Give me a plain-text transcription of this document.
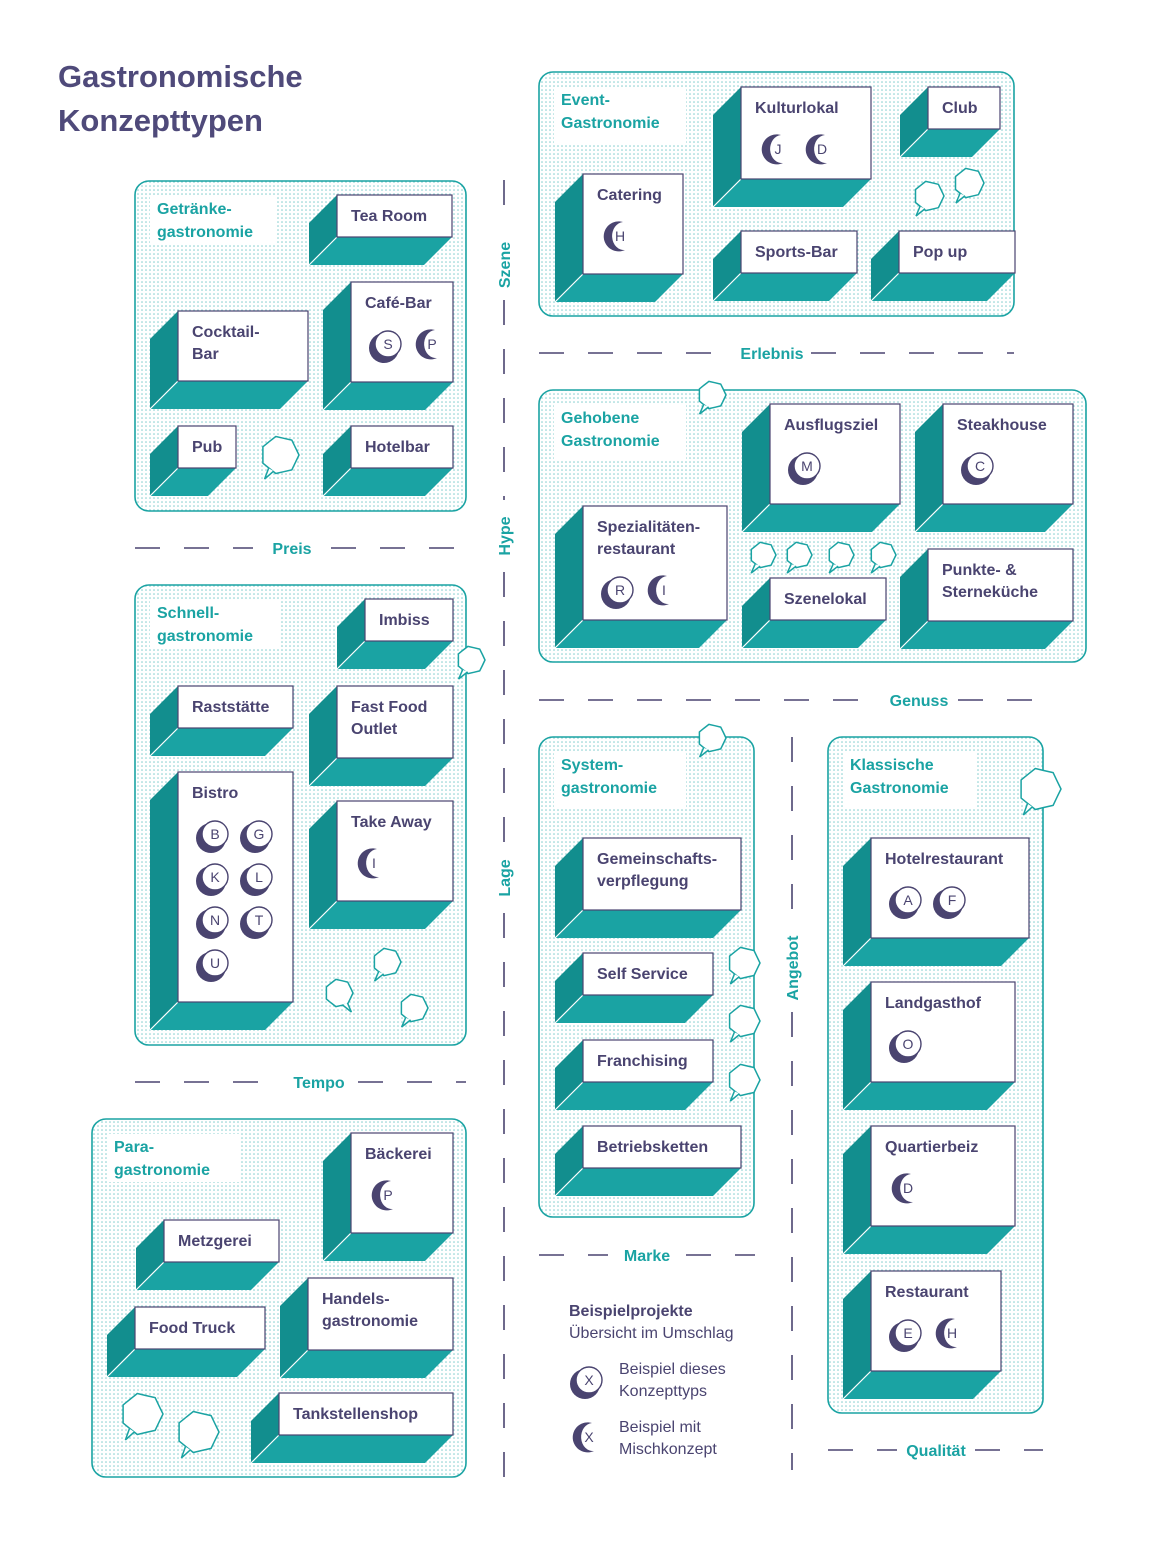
Gastronomische
Konzepttypen
Getränke-
gastronomie
Schnell-
gastronomie
Para-
gastronomie
Event-
Gastronomie
Gehobene
Gastronomie
System-
gastronomie
Klassische
Gastronomie
Preis
Tempo
Erlebnis
Genuss
Marke
Qualität
Szene
Hype
Lage
Angebot
Tea Room
Cocktail-
Bar
Café-Bar
S P
Pub	Hotelbar
Imbiss
Raststätte	Fast Food
Outlet
Bistro
B G
K	L
N T
U
Take Away
I
Bäckerei
P
Metzgerei
Food Truck
Handels-
gastronomie
Tankstellenshop
Kulturlokal
J	D
Club
Catering
H
Sports-Bar	Pop up
Ausflugsziel
M
Steakhouse
C
Spezialitäten-
restaurant
R	I
Szenelokal
Punkte- &
Sterneküche
Gemeinschafts-
verpflegung
Self Service
Franchising
Betriebsketten
Hotelrestaurant
A	F
Landgasthof
O
Quartierbeiz
D
Restaurant
E H
Beispielprojekte
Übersicht im Umschlag
X
Beispiel dieses
Konzepttyps
X
Beispiel mit
Mischkonzept
